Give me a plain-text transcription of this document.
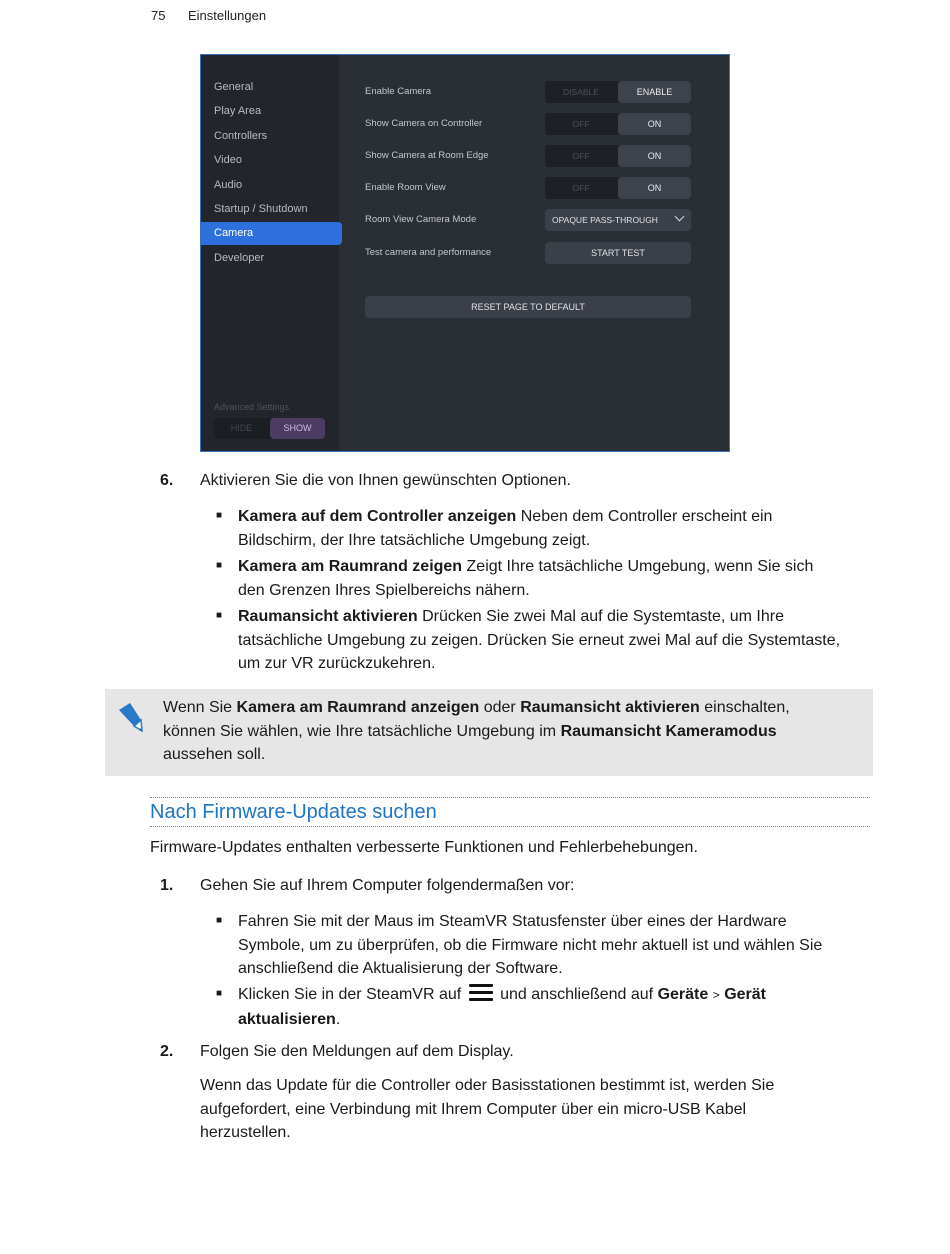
75 Einstellungen
General
Play Area
Controllers
Video
Audio
Startup / Shutdown
Camera
Developer
Advanced Settings
HIDE	SHOW
Enable Camera	DISABLE	ENABLE
Show Camera on Controller	OFF	ON
Show Camera at Room Edge	OFF	ON
Enable Room View	OFF	ON
Room View Camera Mode	OPAQUE PASS-THROUGH
Test camera and performance	START TEST
RESET PAGE TO DEFAULT
6. Aktivieren Sie die von Ihnen gewünschten Optionen.
■ Kamera auf dem Controller anzeigen Neben dem Controller erscheint ein
Bildschirm, der Ihre tatsächliche Umgebung zeigt.
■ Kamera am Raumrand zeigen Zeigt Ihre tatsächliche Umgebung, wenn Sie sich
den Grenzen Ihres Spielbereichs nähern.
■ Raumansicht aktivieren Drücken Sie zwei Mal auf die Systemtaste, um Ihre
tatsächliche Umgebung zu zeigen. Drücken Sie erneut zwei Mal auf die Systemtaste,
um zur VR zurückzukehren.
Wenn Sie Kamera am Raumrand anzeigen oder Raumansicht aktivieren einschalten,
können Sie wählen, wie Ihre tatsächliche Umgebung im Raumansicht Kameramodus
aussehen soll.
Nach Firmware-Updates suchen
Firmware-Updates enthalten verbesserte Funktionen und Fehlerbehebungen.
1. Gehen Sie auf Ihrem Computer folgendermaßen vor:
■ Fahren Sie mit der Maus im SteamVR Statusfenster über eines der Hardware
Symbole, um zu überprüfen, ob die Firmware nicht mehr aktuell ist und wählen Sie
anschließend die Aktualisierung der Software.
■ Klicken Sie in der SteamVR auf und anschließend auf Geräte > Gerät
aktualisieren.
2. Folgen Sie den Meldungen auf dem Display.
Wenn das Update für die Controller oder Basisstationen bestimmt ist, werden Sie
aufgefordert, eine Verbindung mit Ihrem Computer über ein micro-USB Kabel
herzustellen.
